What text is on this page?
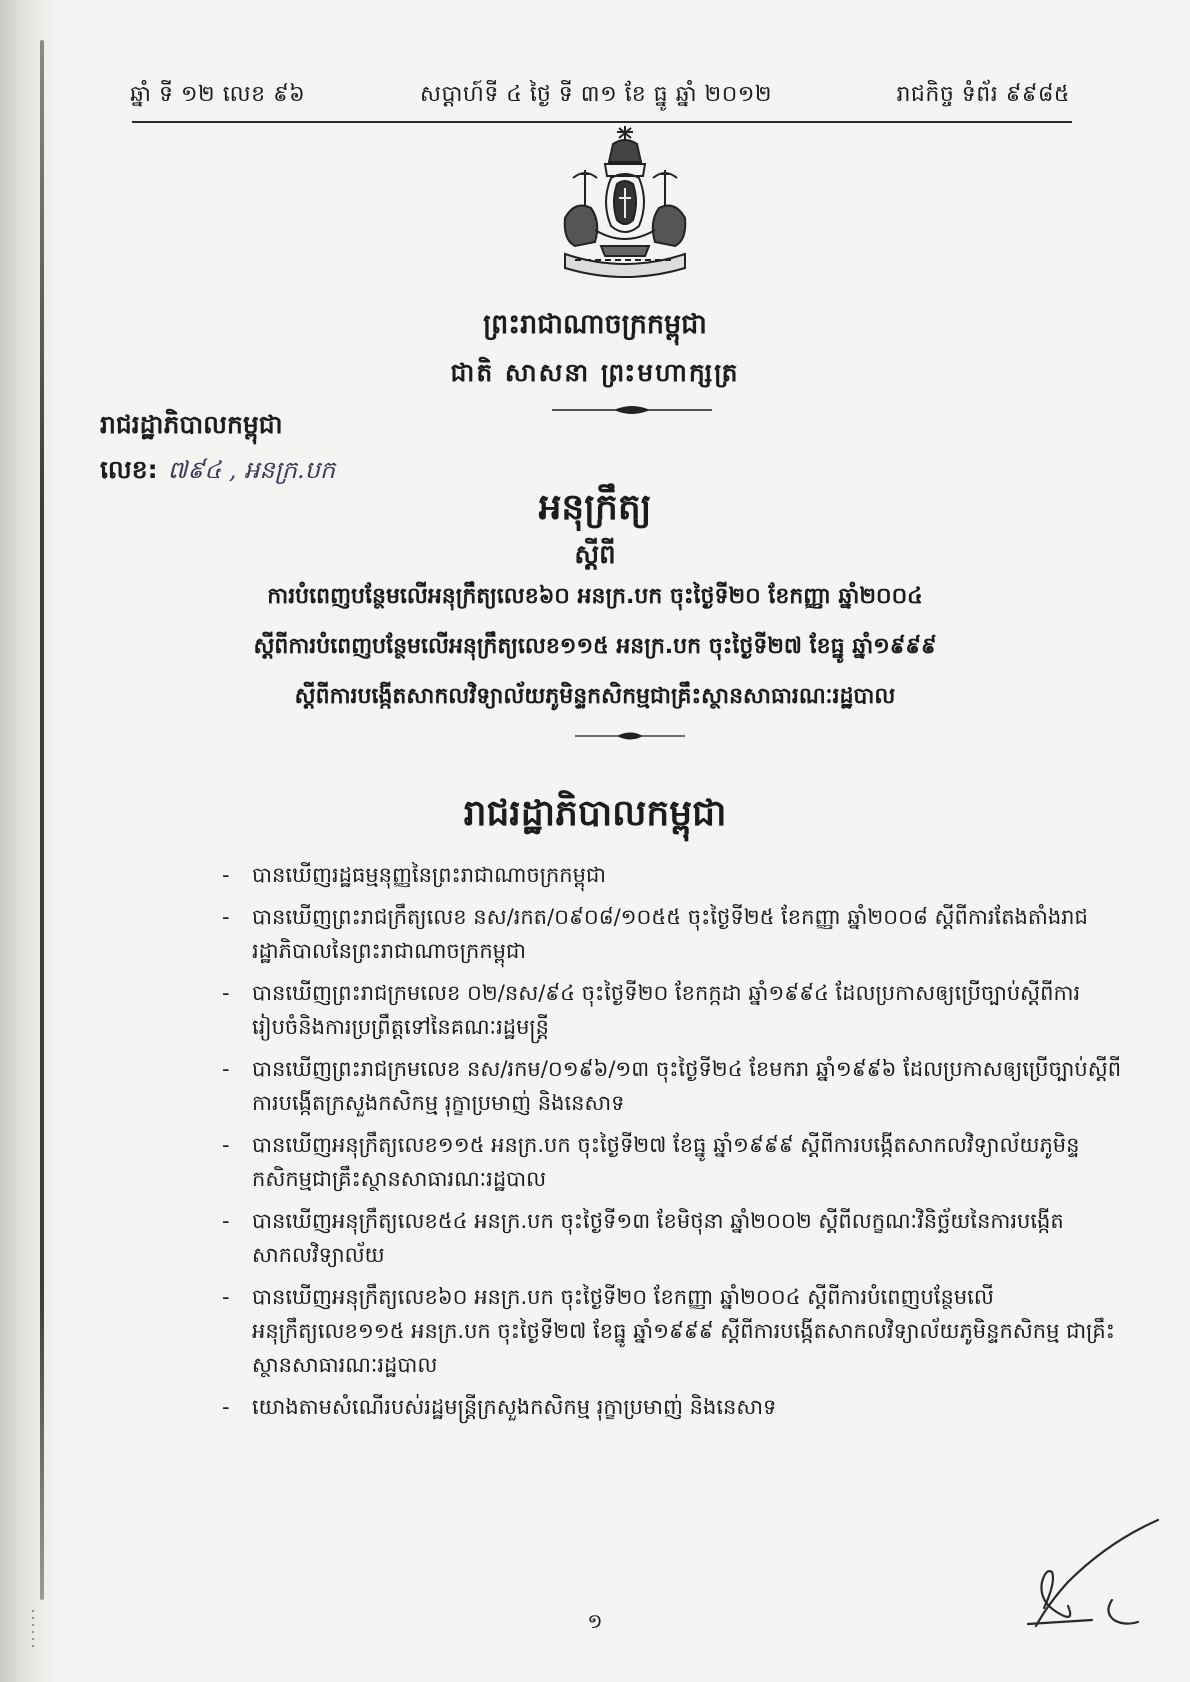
ឆ្នាំ ទី ១២ លេខ ៩៦	សប្តាហ៍ទី ៤ ថ្ងៃ ទី ៣១ ខែ ធ្នូ ឆ្នាំ ២០១២	រាជកិច្ច ទំព័រ ៩៩៨៥
ព្រះរាជាណាចក្រកម្ពុជា
ជាតិ សាសនា ព្រះមហាក្សត្រ
រាជរដ្ឋាភិបាលកម្ពុជា
លេខ: ៧៩៤ , អនក្រ.បក
អនុក្រឹត្យ
ស្តីពី
ការបំពេញបន្ថែមលើអនុក្រឹត្យលេខ៦០ អនក្រ.បក ចុះថ្ងៃទី២០ ខែកញ្ញា ឆ្នាំ២០០៤
ស្តីពីការបំពេញបន្ថែមលើអនុក្រឹត្យលេខ១១៥ អនក្រ.បក ចុះថ្ងៃទី២៧ ខែធ្នូ ឆ្នាំ១៩៩៩
ស្តីពីការបង្កើតសាកលវិទ្យាល័យភូមិន្ទកសិកម្មជាគ្រឹះស្ថានសាធារណៈរដ្ឋបាល
រាជរដ្ឋាភិបាលកម្ពុជា
- បានឃើញរដ្ឋធម្មនុញ្ញនៃព្រះរាជាណាចក្រកម្ពុជា
- បានឃើញព្រះរាជក្រឹត្យលេខ នស/រកត/០៩០៨/១០៥៥ ចុះថ្ងៃទី២៥ ខែកញ្ញា ឆ្នាំ២០០៨ ស្តីពីការតែងតាំងរាជរដ្ឋាភិបាលនៃព្រះរាជាណាចក្រកម្ពុជា
- បានឃើញព្រះរាជក្រមលេខ ០២/នស/៩៤ ចុះថ្ងៃទី២០ ខែកក្កដា ឆ្នាំ១៩៩៤ ដែលប្រកាសឲ្យប្រើច្បាប់ស្តីពីការរៀបចំនិងការប្រព្រឹត្តទៅនៃគណៈរដ្ឋមន្ត្រី
- បានឃើញព្រះរាជក្រមលេខ នស/រកម/០១៩៦/១៣ ចុះថ្ងៃទី២៤ ខែមករា ឆ្នាំ១៩៩៦ ដែលប្រកាសឲ្យប្រើច្បាប់ស្តីពីការបង្កើតក្រសួងកសិកម្ម រុក្ខាប្រមាញ់ និងនេសាទ
- បានឃើញអនុក្រឹត្យលេខ១១៥ អនក្រ.បក ចុះថ្ងៃទី២៧ ខែធ្នូ ឆ្នាំ១៩៩៩ ស្តីពីការបង្កើតសាកលវិទ្យាល័យភូមិន្ទកសិកម្មជាគ្រឹះស្ថានសាធារណៈរដ្ឋបាល
- បានឃើញអនុក្រឹត្យលេខ៥៤ អនក្រ.បក ចុះថ្ងៃទី១៣ ខែមិថុនា ឆ្នាំ២០០២ ស្តីពីលក្ខណៈវិនិច្ឆ័យនៃការបង្កើតសាកលវិទ្យាល័យ
- បានឃើញអនុក្រឹត្យលេខ៦០ អនក្រ.បក ចុះថ្ងៃទី២០ ខែកញ្ញា ឆ្នាំ២០០៤ ស្តីពីការបំពេញបន្ថែមលើអនុក្រឹត្យលេខ១១៥ អនក្រ.បក ចុះថ្ងៃទី២៧ ខែធ្នូ ឆ្នាំ១៩៩៩ ស្តីពីការបង្កើតសាកលវិទ្យាល័យភូមិន្ទកសិកម្ម ជាគ្រឹះស្ថានសាធារណៈរដ្ឋបាល
- យោងតាមសំណើរបស់រដ្ឋមន្ត្រីក្រសួងកសិកម្ម រុក្ខាប្រមាញ់ និងនេសាទ
១
